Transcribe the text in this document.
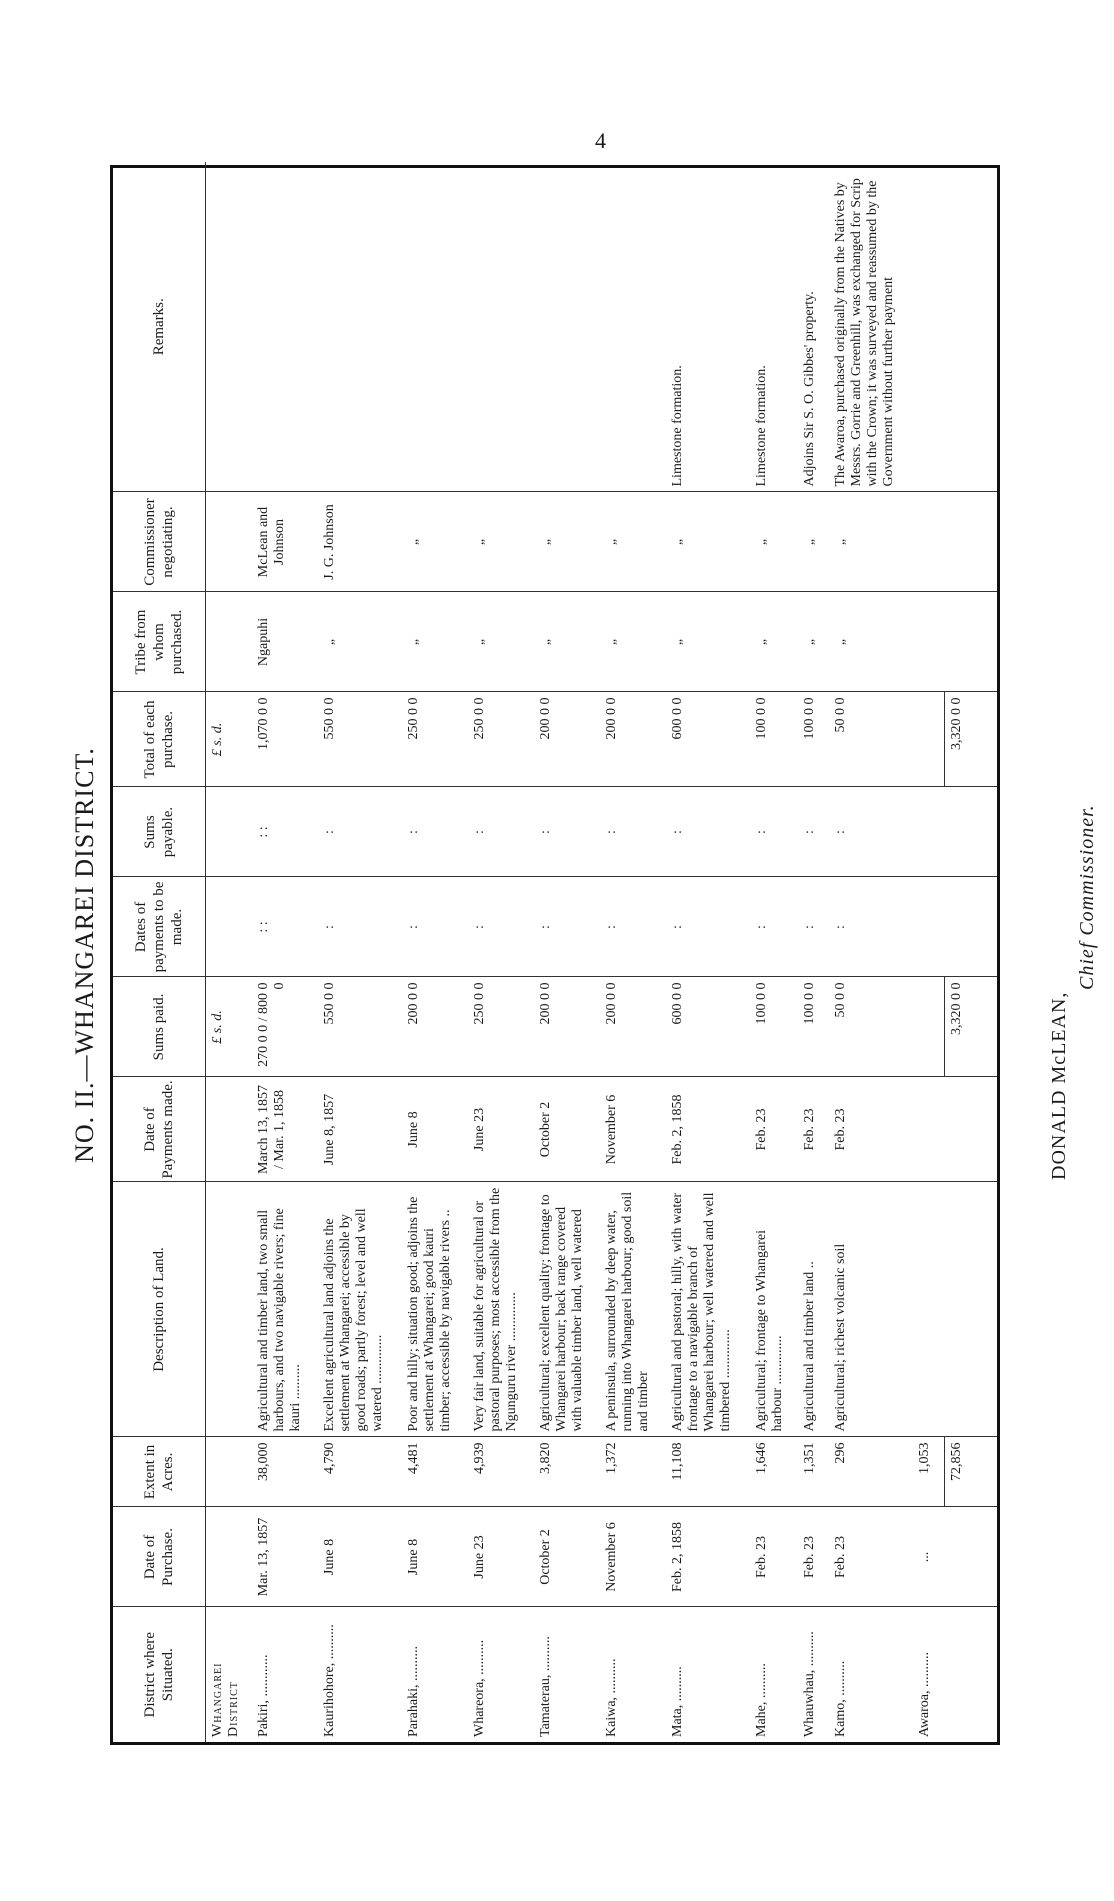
4
DONALD McLEAN,
Chief Commissioner.
NO. II.—WHANGAREI DISTRICT.
District where Situated.	Date of Purchase.	Extent in Acres.	Description of Land.	Date of Payments made.	Sums paid.	Dates of payments to be made.	Sums payable.	Total of each purchase.	Tribe from whom purchased.	Commissioner negotiating.	Remarks.
Whangarei District					£ s. d.			£ s. d.			
Pakiri, ............	Mar. 13, 1857	38,000	Agricultural and timber land, two small harbours, and two navigable rivers; fine kauri ..........	March 13, 1857 / Mar. 1, 1858	270 0 0 / 800 0 0	: :	: :	1,070 0 0	Ngapuhi	McLean and Johnson	
Kaurihohore, ..........	June 8	4,790	Excellent agricultural land adjoins the settlement at Whangarei; accessible by good roads; partly forest; level and well watered ..............	June 8, 1857	550 0 0	:	:	550 0 0	„	J. G. Johnson	
Parahaki, ..........	June 8	4,481	Poor and hilly; situation good; adjoins the settlement at Whangarei; good kauri timber; accessible by navigable rivers ..	June 8	200 0 0	:	:	250 0 0	„	„	
Whareora, ..........	June 23	4,939	Very fair land, suitable for agricultural or pastoral purposes; most accessible from the Ngunguru river ..............	June 23	250 0 0	:	:	250 0 0	„	„	
Tamaterau, ..........	October 2	3,820	Agricultural; excellent quality; frontage to Whangarei harbour; back range covered with valuable timber land, well watered	October 2	200 0 0	:	:	200 0 0	„	„	
Kaiwa, ..........	November 6	1,372	A peninsula, surrounded by deep water, running into Whangarei harbour; good soil and timber	November 6	200 0 0	:	:	200 0 0	„	„	
Mata, ..........	Feb. 2, 1858	11,108	Agricultural and pastoral; hilly, with water frontage to a navigable branch of Whangarei harbour; well watered and well timbered ..............	Feb. 2, 1858	600 0 0	:	:	600 0 0	„	„	Limestone formation.
Mahe, ..........	Feb. 23	1,646	Agricultural; frontage to Whangarei harbour ..............	Feb. 23	100 0 0	:	:	100 0 0	„	„	Limestone formation.
Whauwhau, ..........	Feb. 23	1,351	Agricultural and timber land ..	Feb. 23	100 0 0	:	:	100 0 0	„	„	Adjoins Sir S. O. Gibbes' property.
Kamo, ..........	Feb. 23	296	Agricultural; richest volcanic soil	Feb. 23	50 0 0	:	:	50 0 0	„	„	The Awaroa, purchased originally from the Natives by Messrs. Gorrie and Greenhill, was exchanged for Scrip with the Crown; it was surveyed and reassumed by the Government without further payment
Awaroa, ..........	...	1,053									
		72,856			3,320 0 0			3,320 0 0			
